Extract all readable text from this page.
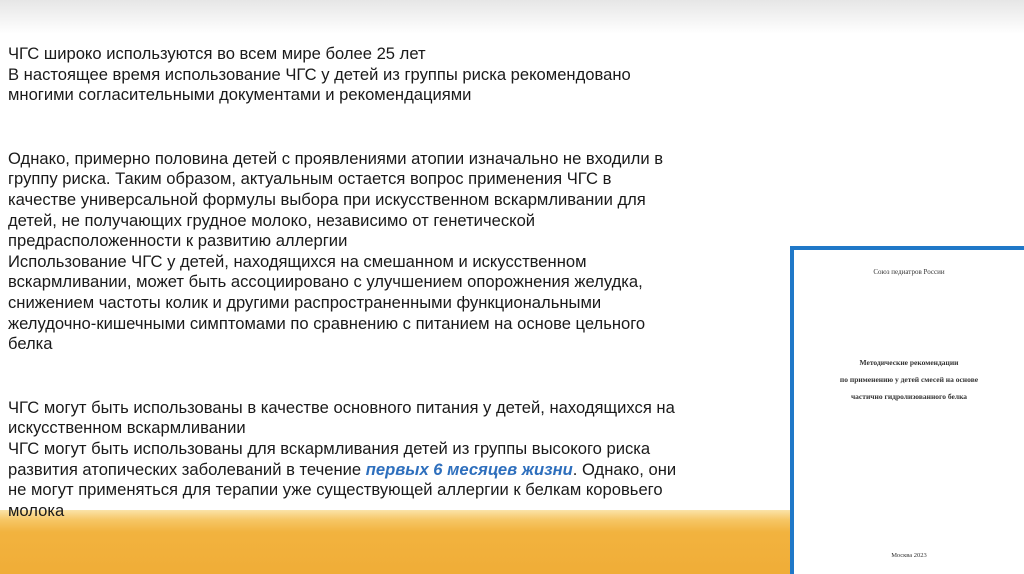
ЧГС широко используются во всем мире более 25 лет
В настоящее время использование ЧГС у детей из группы риска рекомендовано
многими согласительными документами и рекомендациями

Однако, примерно половина детей с проявлениями атопии изначально не входили в
группу риска. Таким образом, актуальным остается вопрос применения ЧГС в
качестве универсальной формулы выбора при искусственном вскармливании для
детей, не получающих грудное молоко, независимо от генетической
предрасположенности к развитию аллергии
Использование ЧГС у детей, находящихся на смешанном и искусственном
вскармливании, может быть ассоциировано с улучшением опорожнения желудка,
снижением частоты колик и другими распространенными функциональными
желудочно-кишечными симптомами по сравнению с питанием на основе цельного
белка

ЧГС могут быть использованы в качестве основного питания у детей, находящихся на
искусственном вскармливании
ЧГС могут быть использованы для вскармливания детей из группы высокого риска
развития атопических заболеваний в течение первых 6 месяцев жизни. Однако, они
не могут применяться для терапии уже существующей аллергии к белкам коровьего
молока

Союз педиатров России
Методические рекомендации
по применению у детей смесей на основе
частично гидролизованного белка
Москва 2023
